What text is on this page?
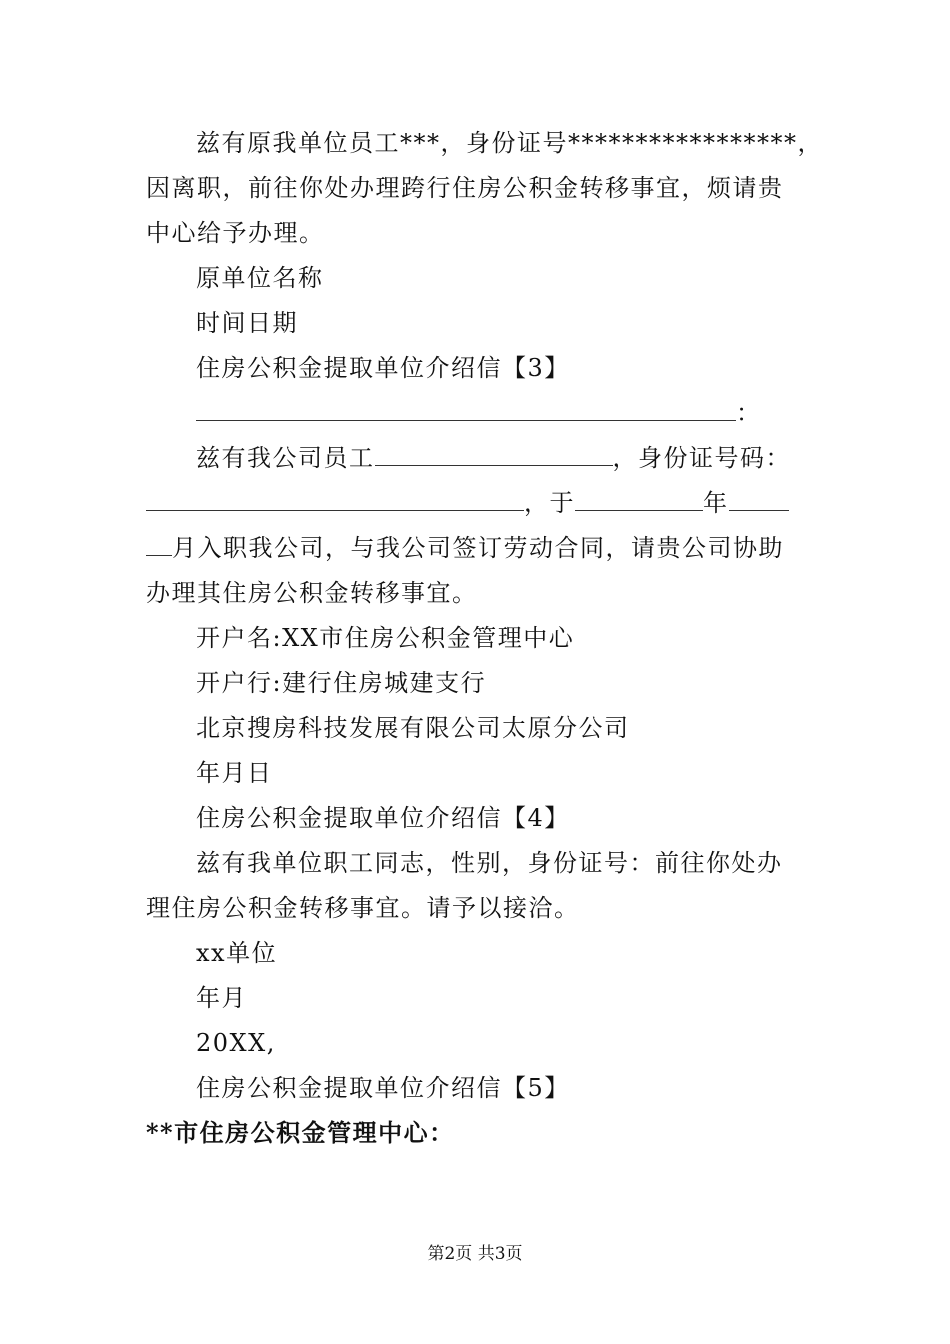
兹有原我单位员工***，身份证号*****************，
因离职，前往你处办理跨行住房公积金转移事宜，烦请贵
中心给予办理。
原单位名称
时间日期
住房公积金提取单位介绍信【3】
：
兹有我公司员工	，身份证号码：
，于	年
月入职我公司，与我公司签订劳动合同，请贵公司协助
办理其住房公积金转移事宜。
开户名:XX市住房公积金管理中心
开户行:建行住房城建支行
北京搜房科技发展有限公司太原分公司
年月日
住房公积金提取单位介绍信【4】
兹有我单位职工同志，性别，身份证号：前往你处办
理住房公积金转移事宜。请予以接洽。
xx单位
年月
20XX,
住房公积金提取单位介绍信【5】
**市住房公积金管理中心：
第2页 共3页
